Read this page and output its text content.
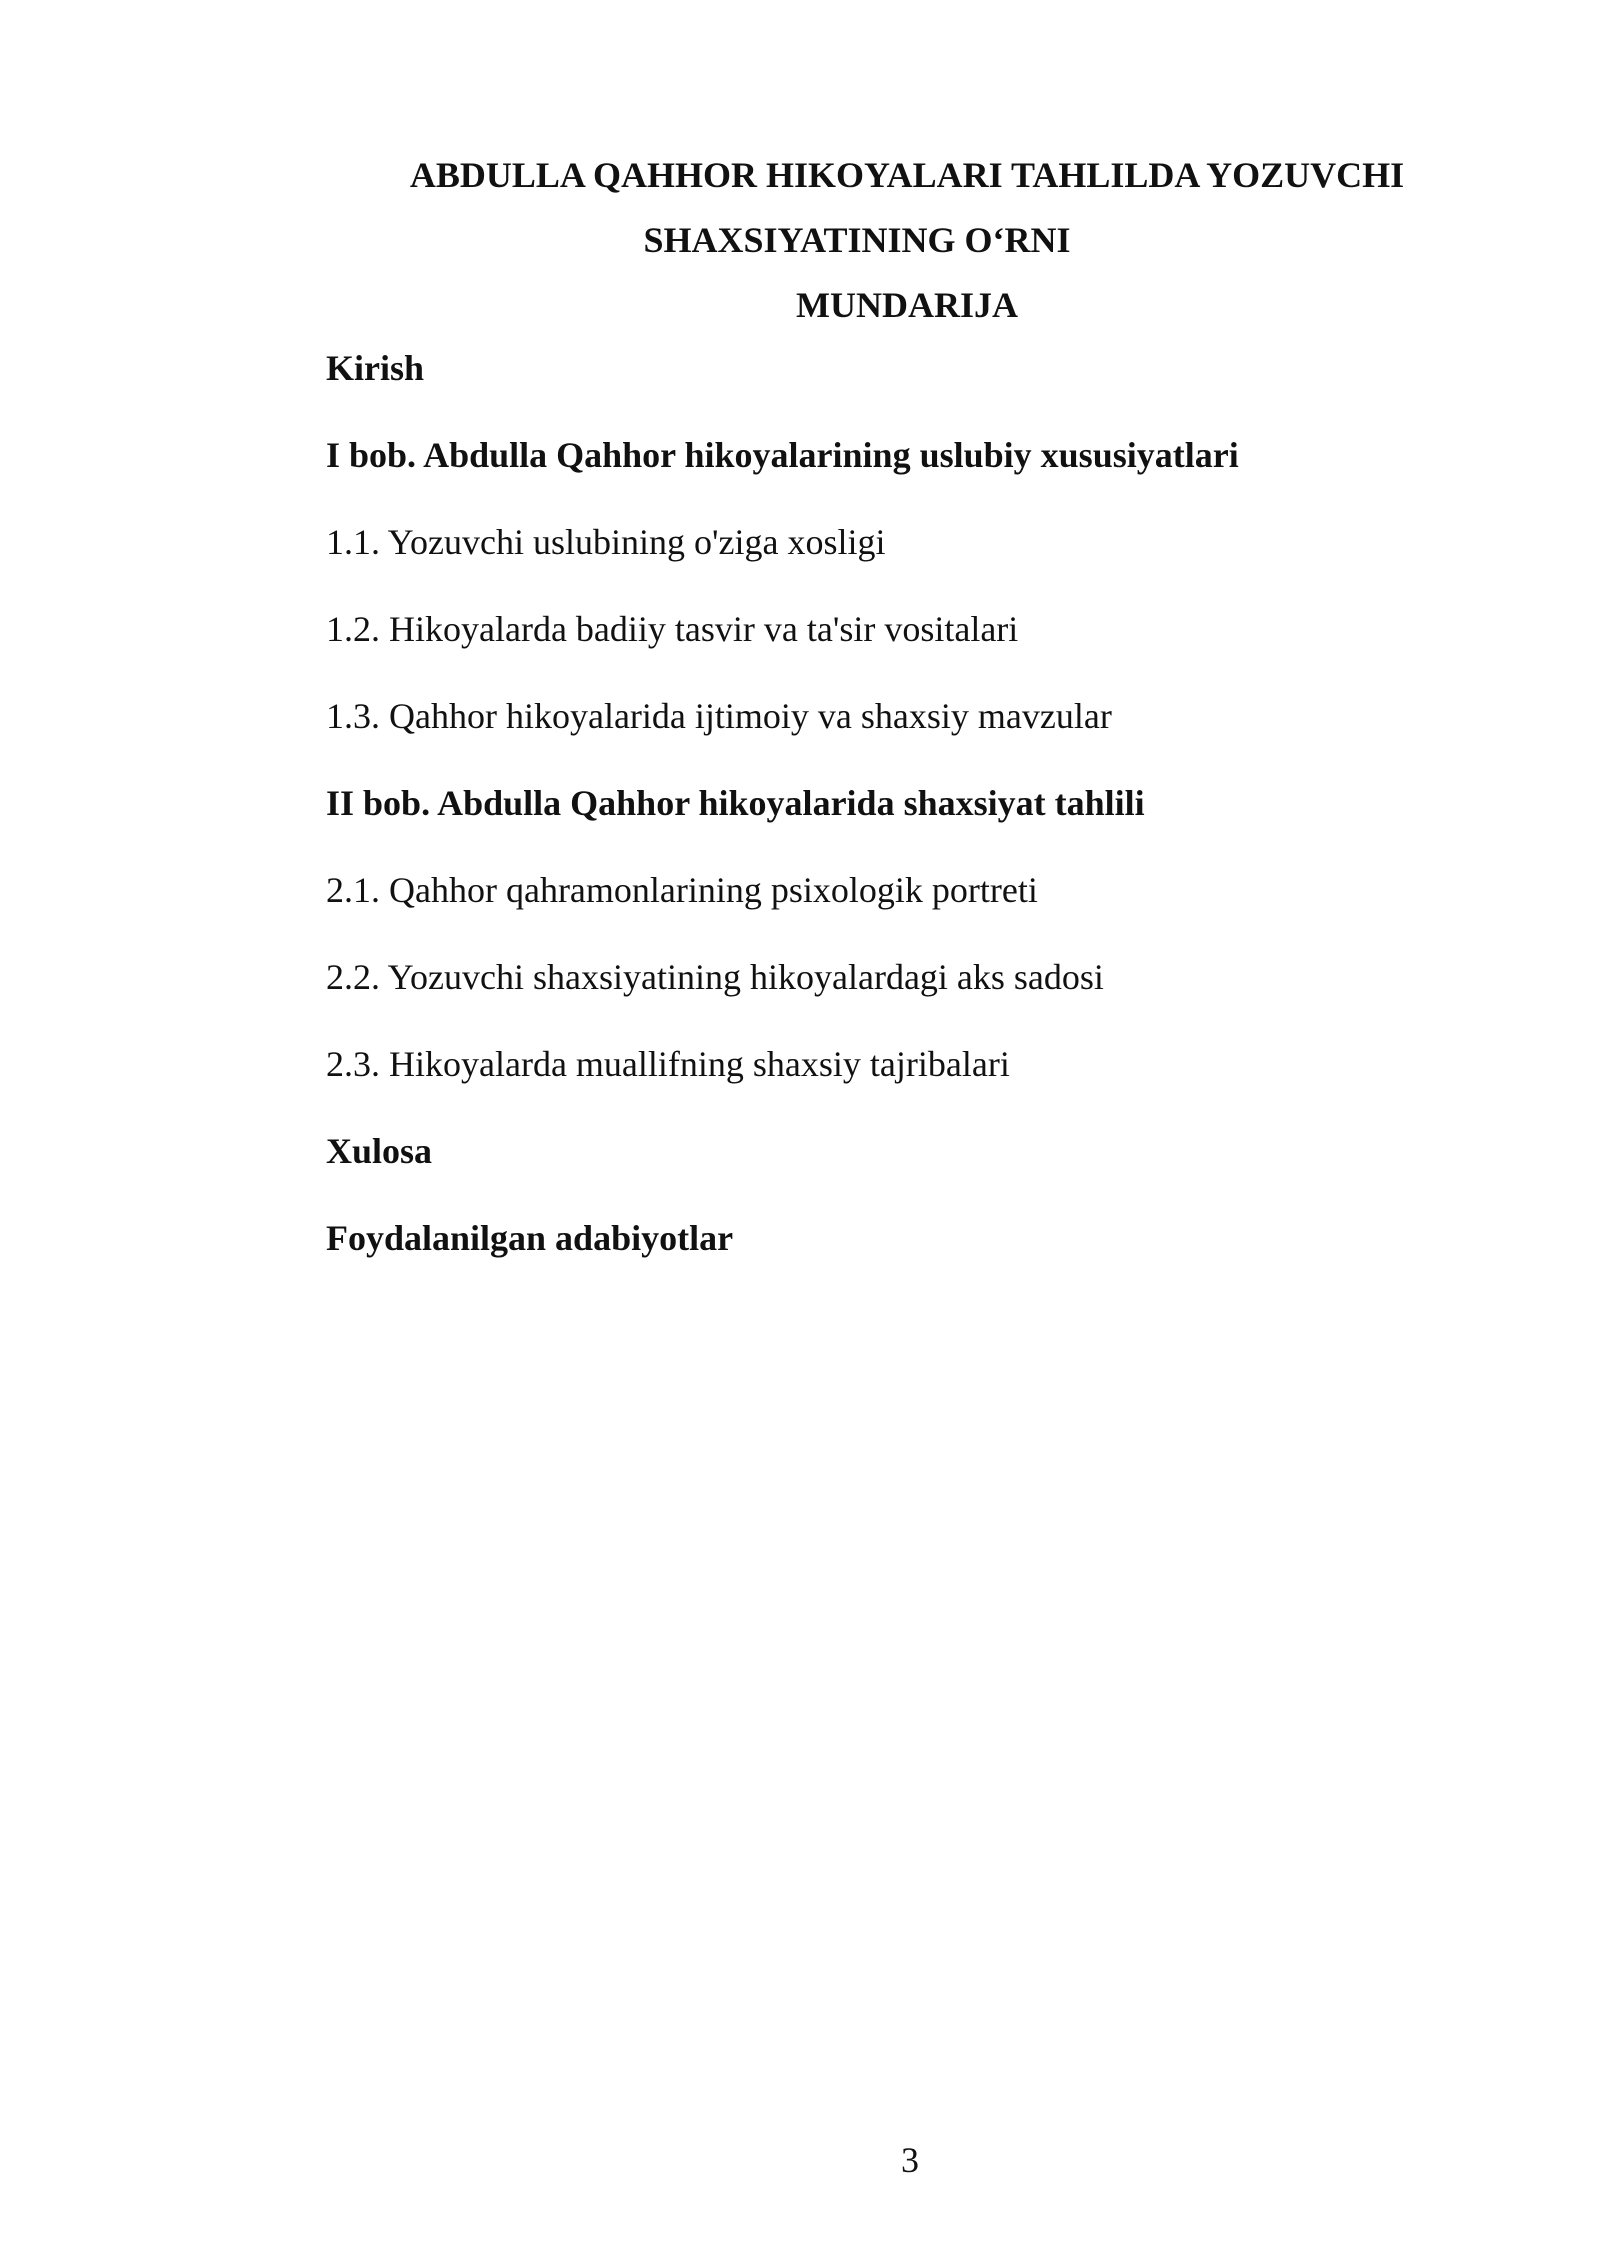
ABDULLA QAHHOR HIKOYALARI TAHLILDA YOZUVCHI
SHAXSIYATINING O‘RNI
MUNDARIJA
Kirish
I bob. Abdulla Qahhor hikoyalarining uslubiy xususiyatlari
1.1. Yozuvchi uslubining o'ziga xosligi
1.2. Hikoyalarda badiiy tasvir va ta'sir vositalari
1.3. Qahhor hikoyalarida ijtimoiy va shaxsiy mavzular
II bob. Abdulla Qahhor hikoyalarida shaxsiyat tahlili
2.1. Qahhor qahramonlarining psixologik portreti
2.2. Yozuvchi shaxsiyatining hikoyalardagi aks sadosi
2.3. Hikoyalarda muallifning shaxsiy tajribalari
Xulosa
Foydalanilgan adabiyotlar
3
